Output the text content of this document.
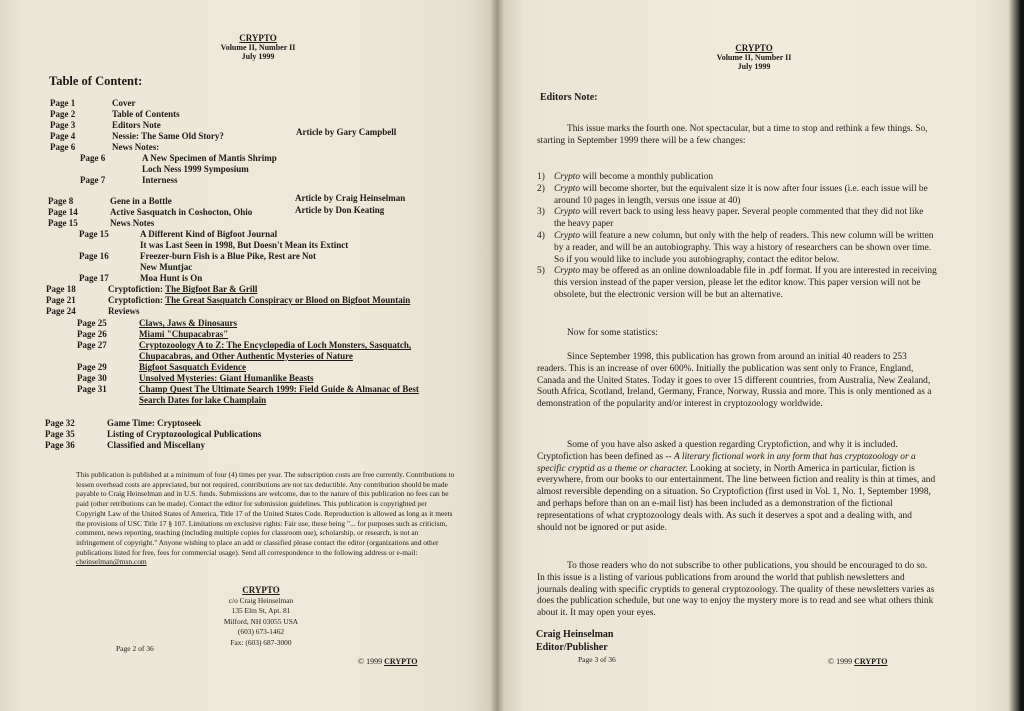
CRYPTO
Volume II, Number II
July 1999
Table of Content:
Page 1	Cover
Page 2	Table of Contents
Page 3	Editors Note
Page 4	Nessie: The Same Old Story?	Article by Gary Campbell
Page 6	News Notes:
Page 6	A New Specimen of Mantis Shrimp
Loch Ness 1999 Symposium
Page 7	Interness
Page 8	Gene in a Bottle	Article by Craig Heinselman
Page 14	Active Sasquatch in Coshocton, Ohio	Article by Don Keating
Page 15	News Notes
Page 15	A Different Kind of Bigfoot Journal
It was Last Seen in 1998, But Doesn't Mean its Extinct
Page 16	Freezer-burn Fish is a Blue Pike, Rest are Not
New Muntjac
Page 17	Moa Hunt is On
Page 18	Cryptofiction: The Bigfoot Bar & Grill
Page 21	Cryptofiction: The Great Sasquatch Conspiracy or Blood on Bigfoot Mountain
Page 24	Reviews
Page 25	Claws, Jaws & Dinosaurs
Page 26	Miami "Chupacabras"
Page 27	Cryptozoology A to Z: The Encyclopedia of Loch Monsters, Sasquatch,
Chupacabras, and Other Authentic Mysteries of Nature
Page 29	Bigfoot Sasquatch Evidence
Page 30	Unsolved Mysteries: Giant Humanlike Beasts
Page 31	Champ Quest The Ultimate Search 1999: Field Guide & Almanac of Best
Search Dates for lake Champlain
Page 32	Game Time: Cryptoseek
Page 35	Listing of Cryptozoological Publications
Page 36	Classified and Miscellany
This publication is published at a minimum of four (4) times per year. The subscription costs are free currently. Contributions to lessen overhead costs are appreciated, but not required, contributions are not tax deductible. Any contribution should be made payable to Craig Heinselman and in U.S. funds. Submissions are welcome, due to the nature of this publication no fees can be paid (other retributions can be made). Contact the editor for submission guidelines. This publication is copyrighted per Copyright Law of the United States of America, Title 17 of the United States Code. Reproduction is allowed as long as it meets the provisions of USC Title 17 § 107. Limitations on exclusive rights: Fair use, these being "... for purposes such as criticism, comment, news reporting, teaching (including multiple copies for classroom use), scholarship, or research, is not an infringement of copyright." Anyone wishing to place an add or classified please contact the editor (organizations and other publications listed for free, fees for commercial usage). Send all correspondence to the following address or e-mail: cheinselman@msn.com
CRYPTO
c/o Craig Heinselman
135 Elm St, Apt. 81
Milford, NH 03055 USA
(603) 673-1462
Fax: (603) 687-3000
Page 2 of 36
© 1999 CRYPTO
CRYPTO
Volume II, Number II
July 1999
Editors Note:

This issue marks the fourth one. Not spectacular, but a time to stop and rethink a few things. So, starting in September 1999 there will be a few changes:

1) Crypto will become a monthly publication

2) Crypto will become shorter, but the equivalent size it is now after four issues (i.e. each issue will be around 10 pages in length, versus one issue at 40)

3) Crypto will revert back to using less heavy paper. Several people commented that they did not like the heavy paper

4) Crypto will feature a new column, but only with the help of readers. This new column will be written by a reader, and will be an autobiography. This way a history of researchers can be shown over time. So if you would like to include you autobiography, contact the editor below.

5) Crypto may be offered as an online downloadable file in .pdf format. If you are interested in receiving this version instead of the paper version, please let the editor know. This paper version will not be obsolete, but the electronic version will be but an alternative.

Now for some statistics:

Since September 1998, this publication has grown from around an initial 40 readers to 253 readers. This is an increase of over 600%. Initially the publication was sent only to France, England, Canada and the United States. Today it goes to over 15 different countries, from Australia, New Zealand, South Africa, Scotland, Ireland, Germany, France, Norway, Russia and more. This is only mentioned as a demonstration of the popularity and/or interest in cryptozoology worldwide.

Some of you have also asked a question regarding Cryptofiction, and why it is included. Cryptofiction has been defined as -- A literary fictional work in any form that has cryptozoology or a specific cryptid as a theme or character. Looking at society, in North America in particular, fiction is everywhere, from our books to our entertainment. The line between fiction and reality is thin at times, and almost reversible depending on a situation. So Cryptofiction (first used in Vol. 1, No. 1, September 1998, and perhaps before than on an e-mail list) has been included as a demonstration of the fictional representations of what cryptozoology deals with. As such it deserves a spot and a dealing with, and should not be ignored or put aside.

To those readers who do not subscribe to other publications, you should be encouraged to do so. In this issue is a listing of various publications from around the world that publish newsletters and journals dealing with specific cryptids to general cryptozoology. The quality of these newsletters varies as does the publication schedule, but one way to enjoy the mystery more is to read and see what others think about it. It may open your eyes.

Craig Heinselman
Editor/Publisher
Page 3 of 36	© 1999 CRYPTO
